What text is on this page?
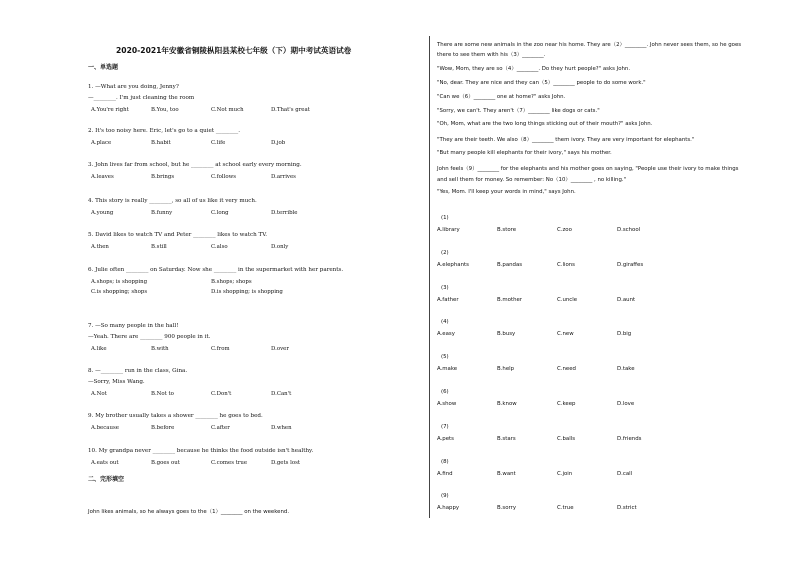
2020-2021年安徽省铜陵枞阳县某校七年级（下）期中考试英语试卷
一、单选题
1. —What are you doing, Jenny?
—________. I'm just cleaning the room
A.You're right	B.You, too	C.Not much	D.That's great
2. It's too noisy here. Eric, let's go to a quiet ________.
A.place	B.habit	C.life	D.job
3. John lives far from school, but he ________ at school early every morning.
A.leaves	B.brings	C.follows	D.arrives
4. This story is really ________, so all of us like it very much.
A.young	B.funny	C.long	D.terrible
5. David likes to watch TV and Peter ________ likes to watch TV.
A.then	B.still	C.also	D.only
6. Julie often ________ on Saturday. Now she ________ in the supermarket with her parents.
A.shops; is shopping	B.shops; shops
C.is shopping; shops	D.is shopping; is shopping
7. —So many people in the hall!
—Yeah. There are ________ 900 people in it.
A.like	B.with	C.from	D.over
8. —________ run in the class, Gina.
—Sorry, Miss Wang.
A.Not	B.Not to	C.Don't	D.Can't
9. My brother usually takes a shower ________ he goes to bed.
A.because	B.before	C.after	D.when
10. My grandpa never ________ because he thinks the food outside isn't healthy.
A.eats out	B.goes out	C.comes true	D.gets lost
二、完形填空
John likes animals, so he always goes to the（1）________ on the weekend.
There are some new animals in the zoo near his home. They are（2）________. John never sees them, so he goes
there to see them with his（3）________.
"Wow, Mom, they are so（4）________. Do they hurt people?" asks John.
"No, dear. They are nice and they can（5）________ people to do some work."
"Can we（6）________ one at home?" asks John.
"Sorry, we can't. They aren't（7）________ like dogs or cats."
"Oh, Mom, what are the two long things sticking out of their mouth?" asks John.
"They are their teeth. We also（8）________ them ivory. They are very important for elephants."
"But many people kill elephants for their ivory," says his mother.
John feels（9）________ for the elephants and his mother goes on saying, "People use their ivory to make things
and sell them for money. So remember: No（10）________ , no killing."
"Yes, Mom. I'll keep your words in mind," says John.
(1)
A.library	B.store	C.zoo	D.school
(2)
A.elephants	B.pandas	C.lions	D.giraffes
(3)
A.father	B.mother	C.uncle	D.aunt
(4)
A.easy	B.busy	C.new	D.big
(5)
A.make	B.help	C.need	D.take
(6)
A.show	B.know	C.keep	D.love
(7)
A.pets	B.stars	C.balls	D.friends
(8)
A.find	B.want	C.join	D.call
(9)
A.happy	B.sorry	C.true	D.strict
